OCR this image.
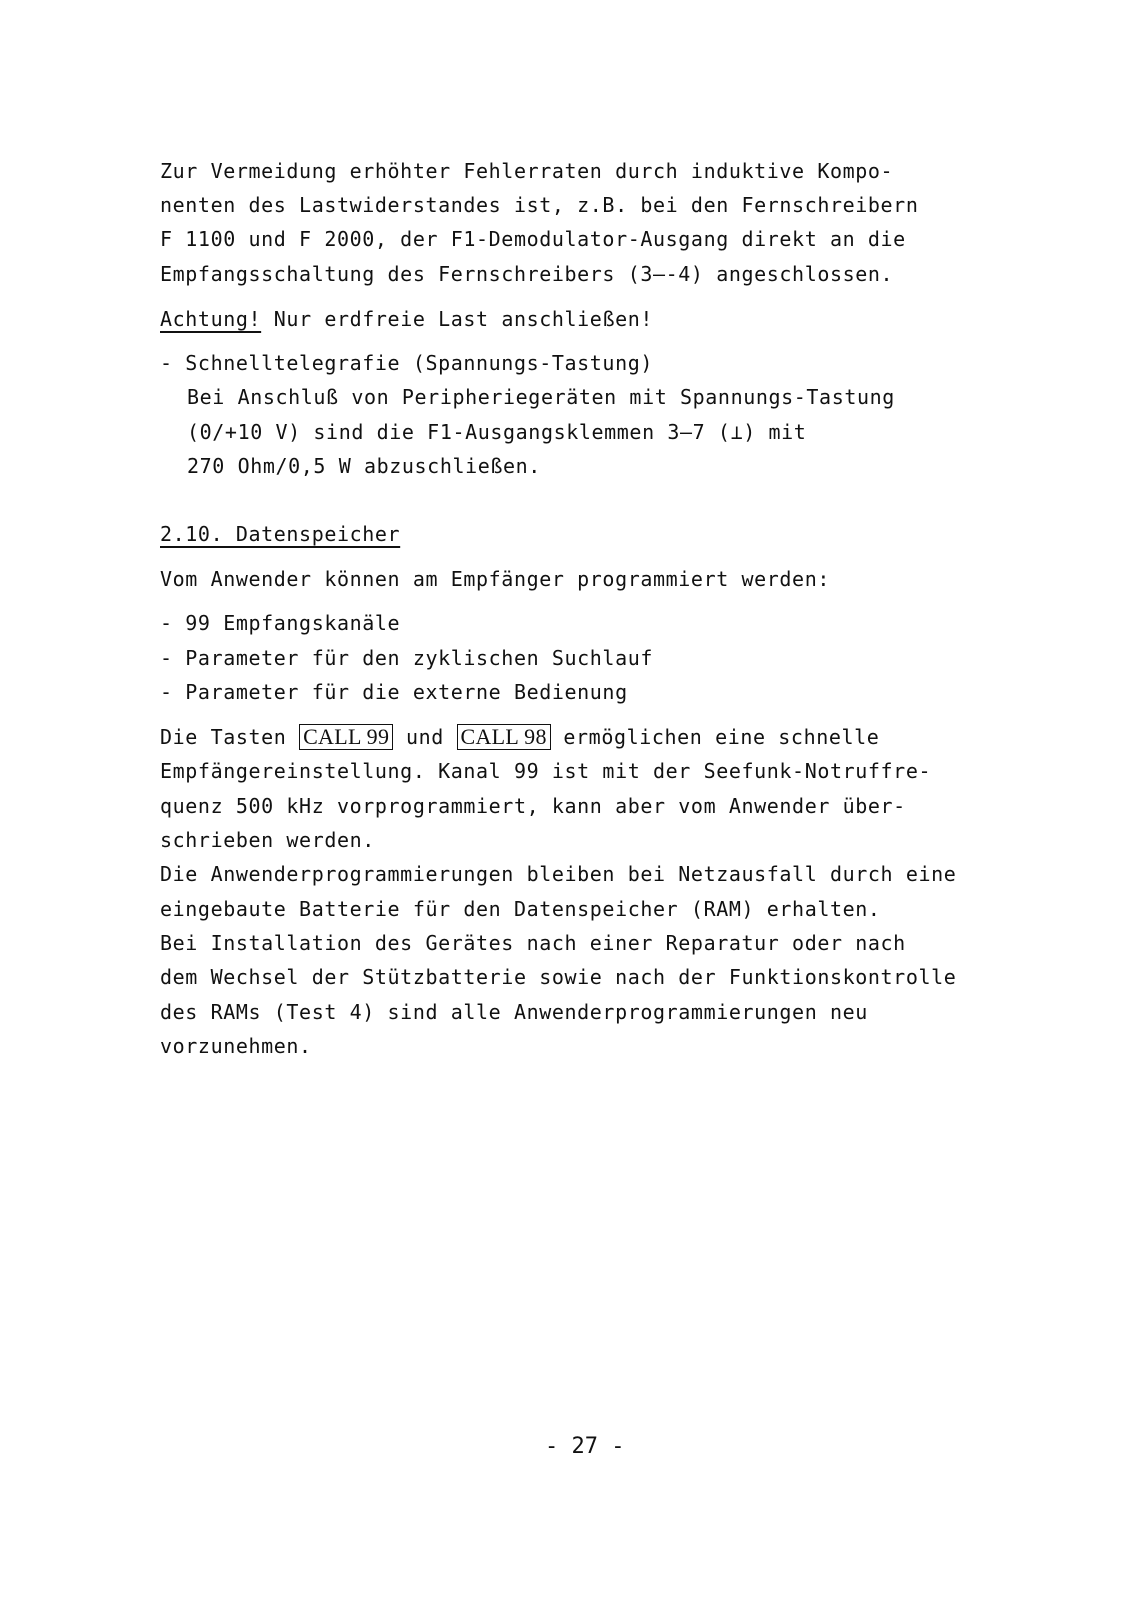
Zur Vermeidung erhöhter Fehlerraten durch induktive Kompo-
nenten des Lastwiderstandes ist, z.B. bei den Fernschreibern
F 1100 und F 2000, der F1-Demodulator-Ausgang direkt an die
Empfangsschaltung des Fernschreibers (3—-4) angeschlossen.
Achtung! Nur erdfreie Last anschließen!
- Schnelltelegrafie (Spannungs-Tastung)
Bei Anschluß von Peripheriegeräten mit Spannungs-Tastung
(0/+10 V) sind die F1-Ausgangsklemmen 3—7 (⊥) mit
270 Ohm/0,5 W abzuschließen.
2.10. Datenspeicher
Vom Anwender können am Empfänger programmiert werden:
- 99 Empfangskanäle
- Parameter für den zyklischen Suchlauf
- Parameter für die externe Bedienung
Die Tasten CALL 99 und CALL 98 ermöglichen eine schnelle
Empfängereinstellung. Kanal 99 ist mit der Seefunk-Notruffre-
quenz 500 kHz vorprogrammiert, kann aber vom Anwender über-
schrieben werden.
Die Anwenderprogrammierungen bleiben bei Netzausfall durch eine
eingebaute Batterie für den Datenspeicher (RAM) erhalten.
Bei Installation des Gerätes nach einer Reparatur oder nach
dem Wechsel der Stützbatterie sowie nach der Funktionskontrolle
des RAMs (Test 4) sind alle Anwenderprogrammierungen neu
vorzunehmen.
- 27 -
